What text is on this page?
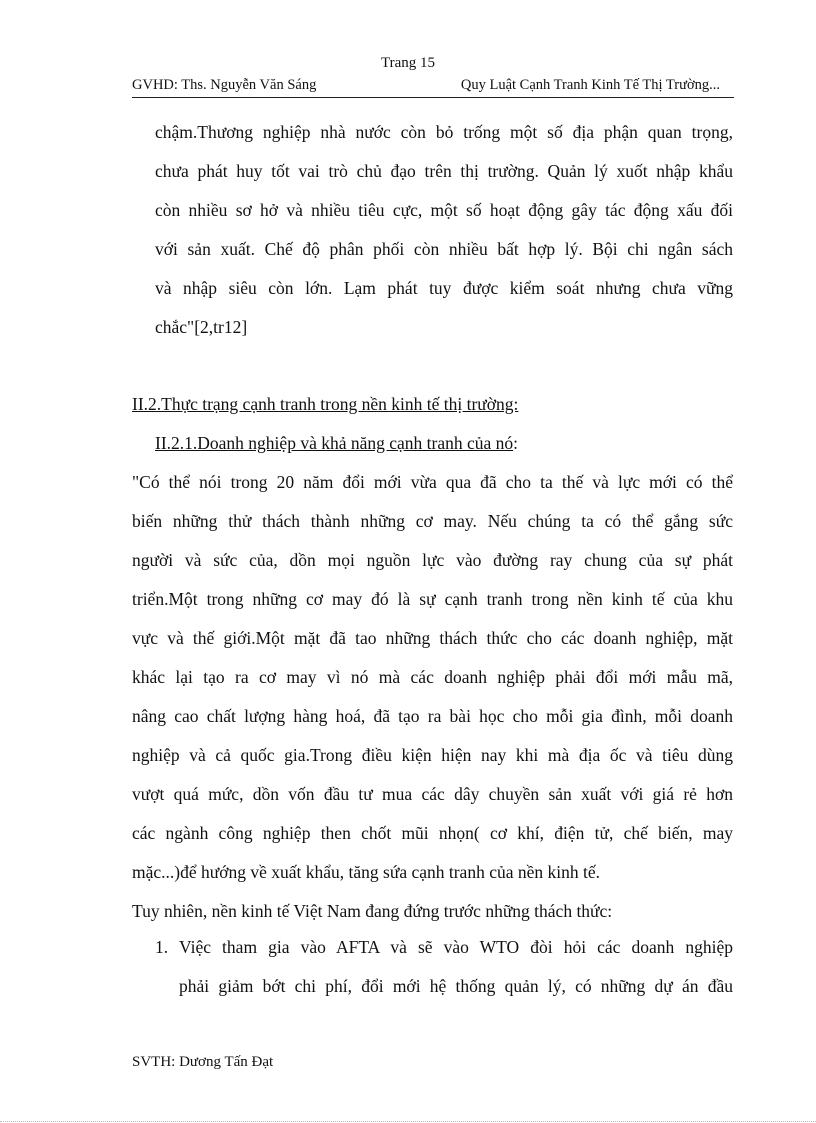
Trang 15
GVHD: Ths. Nguyễn Văn Sáng	Quy Luật Cạnh Tranh Kinh Tế Thị Trường...
chậm.Thương nghiệp nhà nước còn bỏ trống một số địa phận quan trọng,
chưa phát huy tốt vai trò chủ đạo trên thị trường. Quản lý xuốt nhập khẩu
còn nhiều sơ hở và nhiều tiêu cực, một số hoạt động gây tác động xấu đối
với sản xuất. Chế độ phân phối còn nhiều bất hợp lý. Bội chi ngân sách
và nhập siêu còn lớn. Lạm phát tuy được kiểm soát nhưng chưa vững
chắc"[2,tr12]
II.2.Thực trạng cạnh tranh trong nền kinh tế thị trường:
II.2.1.Doanh nghiệp và khả năng cạnh tranh của nó:
"Có thể nói trong 20 năm đổi mới vừa qua đã cho ta thế và lực mới có thể
biến những thử thách thành những cơ may. Nếu chúng ta có thể gắng sức
người và sức của, dồn mọi nguồn lực vào đường ray chung của sự phát
triển.Một trong những cơ may đó là sự cạnh tranh trong nền kinh tế của khu
vực và thế giới.Một mặt đã tao những thách thức cho các doanh nghiệp, mặt
khác lại tạo ra cơ may vì nó mà các doanh nghiệp phải đổi mới mẫu mã,
nâng cao chất lượng hàng hoá, đã tạo ra bài học cho mỗi gia đình, mỗi doanh
nghiệp và cả quốc gia.Trong điều kiện hiện nay khi mà địa ốc và tiêu dùng
vượt quá mức, dồn vốn đầu tư mua các dây chuyền sản xuất với giá rẻ hơn
các ngành công nghiệp then chốt mũi nhọn( cơ khí, điện tử, chế biến, may
mặc...)để hướng về xuất khẩu, tăng sứa cạnh tranh của nền kinh tế.
Tuy nhiên, nền kinh tế Việt Nam đang đứng trước những thách thức:
1. Việc tham gia vào AFTA và sẽ vào WTO đòi hỏi các doanh nghiệp
phải giảm bớt chi phí, đổi mới hệ thống quản lý, có những dự án đầu
SVTH: Dương Tấn Đạt
